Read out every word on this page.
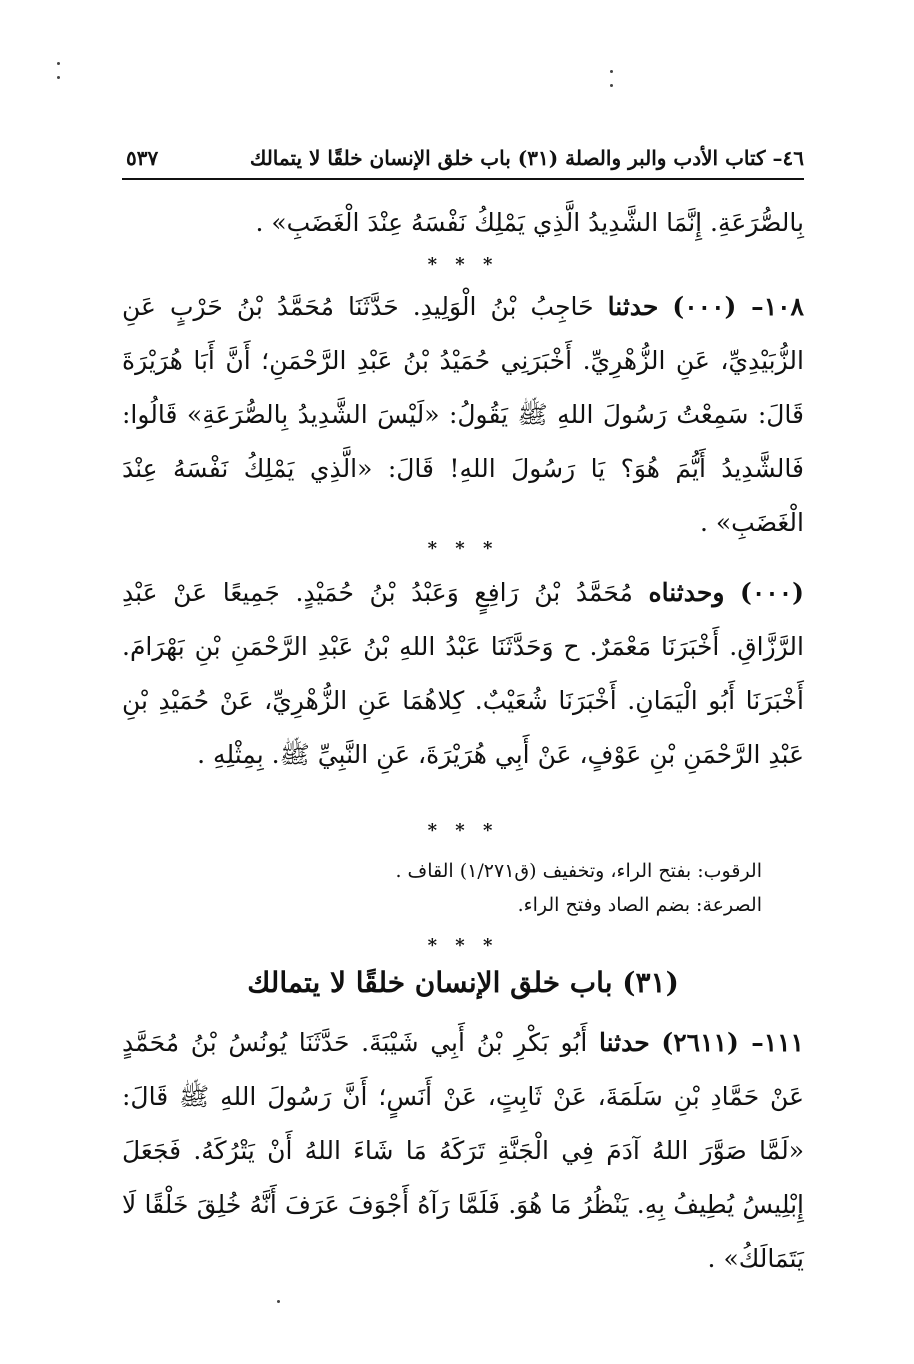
٤٦– كتاب الأدب والبر والصلة (٣١) باب خلق الإنسان خلقًا لا يتمالك
٥٣٧
بِالصُّرَعَةِ. إِنَّمَا الشَّدِيدُ الَّذِي يَمْلِكُ نَفْسَهُ عِنْدَ الْغَضَبِ» .
* * *
١٠٨– (٠٠٠) حدثنا حَاجِبُ بْنُ الْوَلِيدِ. حَدَّثَنَا مُحَمَّدُ بْنُ حَرْبٍ عَنِ الزُّبَيْدِيِّ، عَنِ الزُّهْرِيِّ. أَخْبَرَنِي حُمَيْدُ بْنُ عَبْدِ الرَّحْمَنِ؛ أَنَّ أَبَا هُرَيْرَةَ قَالَ: سَمِعْتُ رَسُولَ اللهِ ﷺ يَقُولُ: «لَيْسَ الشَّدِيدُ بِالصُّرَعَةِ» قَالُوا: فَالشَّدِيدُ أَيُّمَ هُوَ؟ يَا رَسُولَ اللهِ! قَالَ: «الَّذِي يَمْلِكُ نَفْسَهُ عِنْدَ الْغَضَبِ» .
* * *
(٠٠٠) وحدثناه مُحَمَّدُ بْنُ رَافِعٍ وَعَبْدُ بْنُ حُمَيْدٍ. جَمِيعًا عَنْ عَبْدِ الرَّزَّاقِ. أَخْبَرَنَا مَعْمَرٌ. ح وَحَدَّثَنَا عَبْدُ اللهِ بْنُ عَبْدِ الرَّحْمَنِ بْنِ بَهْرَامَ. أَخْبَرَنَا أَبُو الْيَمَانِ. أَخْبَرَنَا شُعَيْبٌ. كِلاهُمَا عَنِ الزُّهْرِيِّ، عَنْ حُمَيْدِ بْنِ عَبْدِ الرَّحْمَنِ بْنِ عَوْفٍ، عَنْ أَبِي هُرَيْرَةَ، عَنِ النَّبِيِّ ﷺ. بِمِثْلِهِ .
* * *
الرقوب: بفتح الراء، وتخفيف (ق١/٢٧١) القاف .
الصرعة: بضم الصاد وفتح الراء.
* * *
(٣١) باب خلق الإنسان خلقًا لا يتمالك
١١١– (٢٦١١) حدثنا أَبُو بَكْرِ بْنُ أَبِي شَيْبَةَ. حَدَّثَنَا يُونُسُ بْنُ مُحَمَّدٍ عَنْ حَمَّادِ بْنِ سَلَمَةَ، عَنْ ثَابِتٍ، عَنْ أَنَسٍ؛ أَنَّ رَسُولَ اللهِ ﷺ قَالَ: «لَمَّا صَوَّرَ اللهُ آدَمَ فِي الْجَنَّةِ تَرَكَهُ مَا شَاءَ اللهُ أَنْ يَتْرُكَهُ. فَجَعَلَ إِبْلِيسُ يُطِيفُ بِهِ. يَنْظُرُ مَا هُوَ. فَلَمَّا رَآهُ أَجْوَفَ عَرَفَ أَنَّهُ خُلِقَ خَلْقًا لَا يَتَمَالَكُ» .
